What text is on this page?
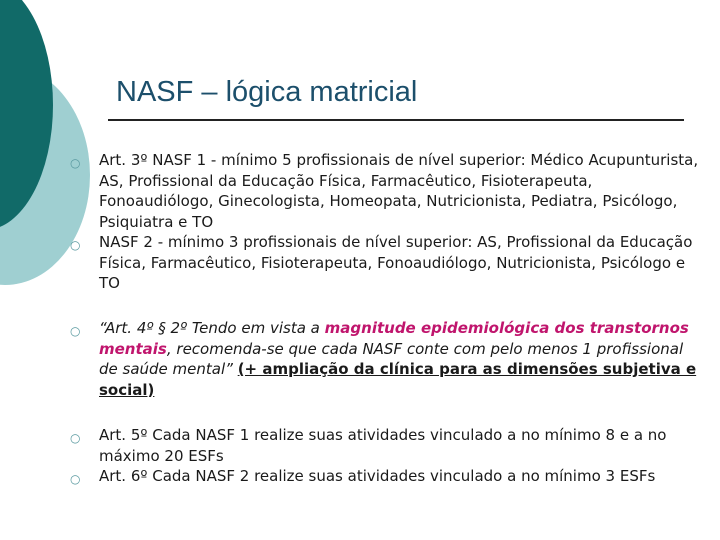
NASF – lógica matricial
○ Art. 3º NASF 1 - mínimo 5 profissionais de nível superior: Médico Acupunturista, AS, Profissional da Educação Física, Farmacêutico, Fisioterapeuta, Fonoaudiólogo, Ginecologista, Homeopata, Nutricionista, Pediatra, Psicólogo, Psiquiatra e TO
○ NASF 2 - mínimo 3 profissionais de nível superior: AS, Profissional da Educação Física, Farmacêutico, Fisioterapeuta, Fonoaudiólogo, Nutricionista, Psicólogo e TO
○ “Art. 4º § 2º Tendo em vista a magnitude epidemiológica dos transtornos mentais, recomenda-se que cada NASF conte com pelo menos 1 profissional de saúde mental” (+ ampliação da clínica para as dimensões subjetiva e social)
○ Art. 5º Cada NASF 1 realize suas atividades vinculado a no mínimo 8 e a no máximo 20 ESFs
○ Art. 6º Cada NASF 2 realize suas atividades vinculado a no mínimo 3 ESFs
